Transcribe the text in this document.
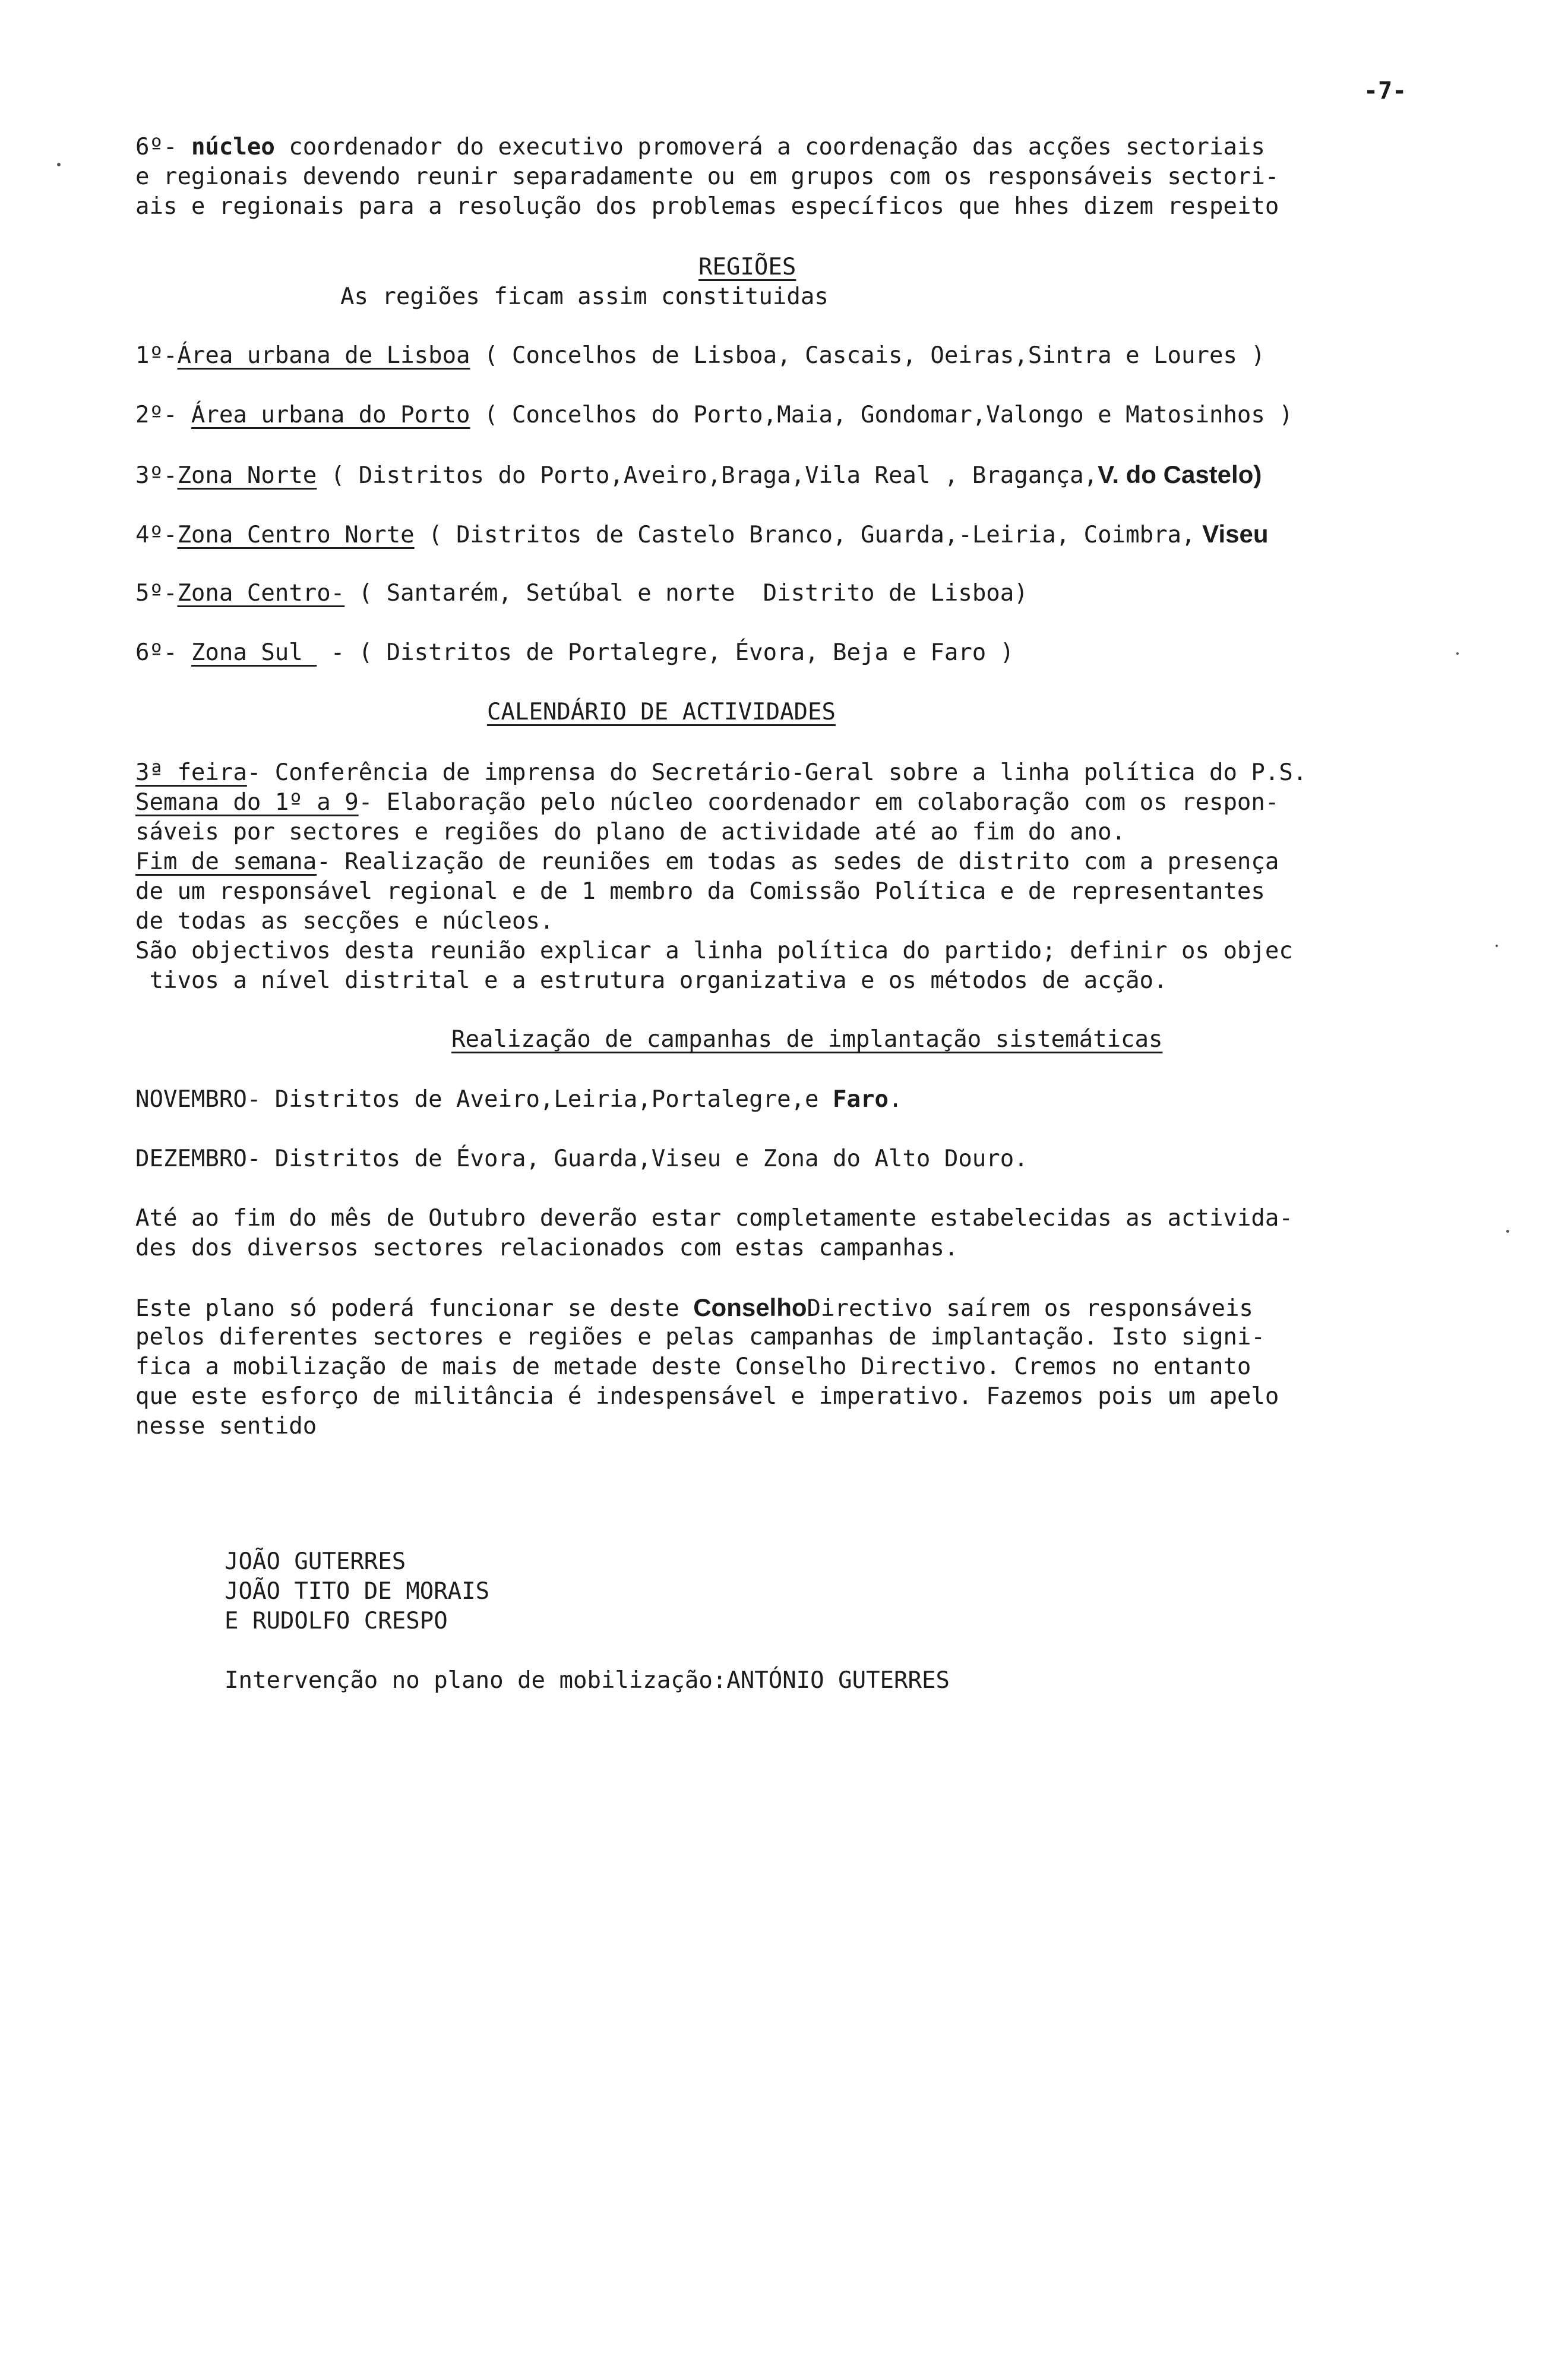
-7-
6º- núcleo coordenador do executivo promoverá a coordenação das acções sectoriais
e regionais devendo reunir separadamente ou em grupos com os responsáveis sectori-
ais e regionais para a resolução dos problemas específicos que hhes dizem respeito
REGIÕES
As regiões ficam assim constituidas
1º-Área urbana de Lisboa ( Concelhos de Lisboa, Cascais, Oeiras,Sintra e Loures )
2º- Área urbana do Porto ( Concelhos do Porto,Maia, Gondomar,Valongo e Matosinhos )
3º-Zona Norte ( Distritos do Porto,Aveiro,Braga,Vila Real , Bragança,V. do Castelo)
4º-Zona Centro Norte ( Distritos de Castelo Branco, Guarda,-Leiria, Coimbra, Viseu
5º-Zona Centro- ( Santarém, Setúbal e norte  Distrito de Lisboa)
6º- Zona Sul  - ( Distritos de Portalegre, Évora, Beja e Faro )
CALENDÁRIO DE ACTIVIDADES
3ª feira- Conferência de imprensa do Secretário-Geral sobre a linha política do P.S.
Semana do 1º a 9- Elaboração pelo núcleo coordenador em colaboração com os respon-
sáveis por sectores e regiões do plano de actividade até ao fim do ano.
Fim de semana- Realização de reuniões em todas as sedes de distrito com a presença
de um responsável regional e de 1 membro da Comissão Política e de representantes
de todas as secções e núcleos.
São objectivos desta reunião explicar a linha política do partido; definir os objec
tivos a nível distrital e a estrutura organizativa e os métodos de acção.
Realização de campanhas de implantação sistemáticas
NOVEMBRO- Distritos de Aveiro,Leiria,Portalegre,e Faro.
DEZEMBRO- Distritos de Évora, Guarda,Viseu e Zona do Alto Douro.
Até ao fim do mês de Outubro deverão estar completamente estabelecidas as activida-
des dos diversos sectores relacionados com estas campanhas.
Este plano só poderá funcionar se deste ConselhoDirectivo saírem os responsáveis
pelos diferentes sectores e regiões e pelas campanhas de implantação. Isto signi-
fica a mobilização de mais de metade deste Conselho Directivo. Cremos no entanto
que este esforço de militância é indespensável e imperativo. Fazemos pois um apelo
nesse sentido
JOÃO GUTERRES
JOÃO TITO DE MORAIS
E RUDOLFO CRESPO
Intervenção no plano de mobilização:ANTÓNIO GUTERRES
